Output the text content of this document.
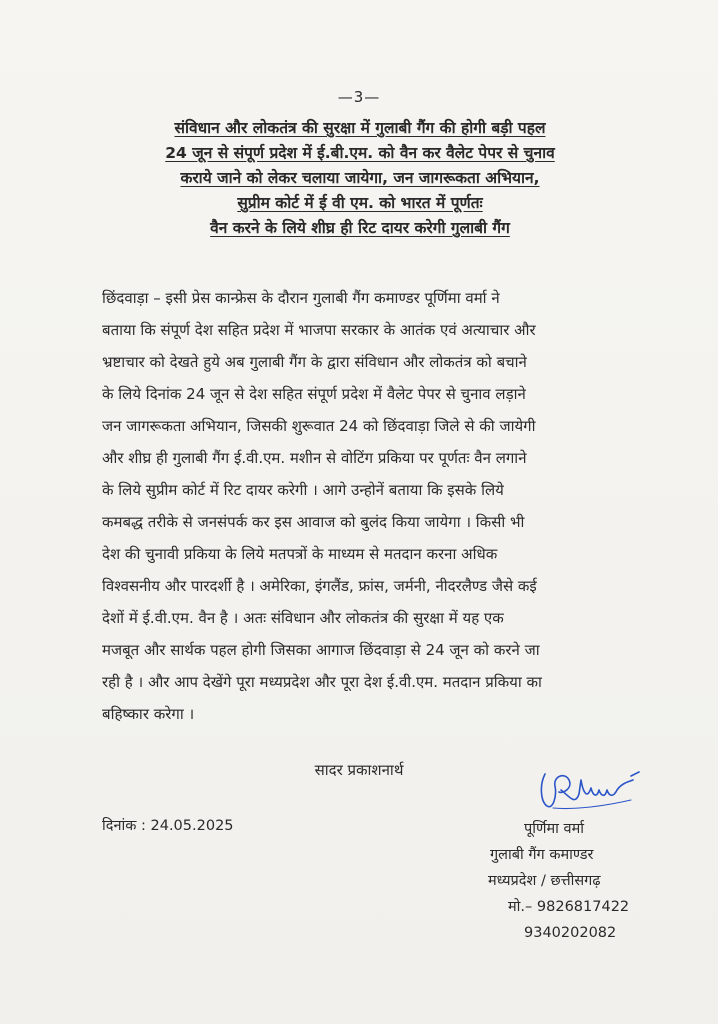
—3—
संविधान और लोकतंत्र की सुरक्षा में गुलाबी गैंग की होगी बड़ी पहल
24 जून से संपूर्ण प्रदेश में ई.बी.एम. को वैन कर वैलेट पेपर से चुनाव
कराये जाने को लेकर चलाया जायेगा, जन जागरूकता अभियान,
सुप्रीम कोर्ट में ई वी एम. को भारत में पूर्णतः
वैन करने के लिये शीघ्र ही रिट दायर करेगी गुलाबी गैंग
छिंदवाड़ा – इसी प्रेस कान्फ्रेस के दौरान गुलाबी गैंग कमाण्डर पूर्णिमा वर्मा ने
बताया कि संपूर्ण देश सहित प्रदेश में भाजपा सरकार के आतंक एवं अत्याचार और
भ्रष्टाचार को देखते हुये अब गुलाबी गैंग के द्वारा संविधान और लोकतंत्र को बचाने
के लिये दिनांक 24 जून से देश सहित संपूर्ण प्रदेश में वैलेट पेपर से चुनाव लड़ाने
जन जागरूकता अभियान, जिसकी शुरूवात 24 को छिंदवाड़ा जिले से की जायेगी
और शीघ्र ही गुलाबी गैंग ई.वी.एम. मशीन से वोटिंग प्रकिया पर पूर्णतः वैन लगाने
के लिये सुप्रीम कोर्ट में रिट दायर करेगी । आगे उन्होनें बताया कि इसके लिये
कमबद्ध तरीके से जनसंपर्क कर इस आवाज को बुलंद किया जायेगा । किसी भी
देश की चुनावी प्रकिया के लिये मतपत्रों के माध्यम से मतदान करना अधिक
विश्वसनीय और पारदर्शी है । अमेरिका, इंगलैंड, फ्रांस, जर्मनी, नीदरलैण्ड जैसे कई
देशों में ई.वी.एम. वैन है । अतः संविधान और लोकतंत्र की सुरक्षा में यह एक
मजबूत और सार्थक पहल होगी जिसका आगाज छिंदवाड़ा से 24 जून को करने जा
रही है । और आप देखेंगे पूरा मध्यप्रदेश और पूरा देश ई.वी.एम. मतदान प्रकिया का
बहिष्कार करेगा ।
सादर प्रकाशनार्थ
दिनांक : 24.05.2025	पूर्णिमा वर्मा
गुलाबी गैंग कमाण्डर
मध्यप्रदेश / छत्तीसगढ़
मो.– 9826817422
9340202082
